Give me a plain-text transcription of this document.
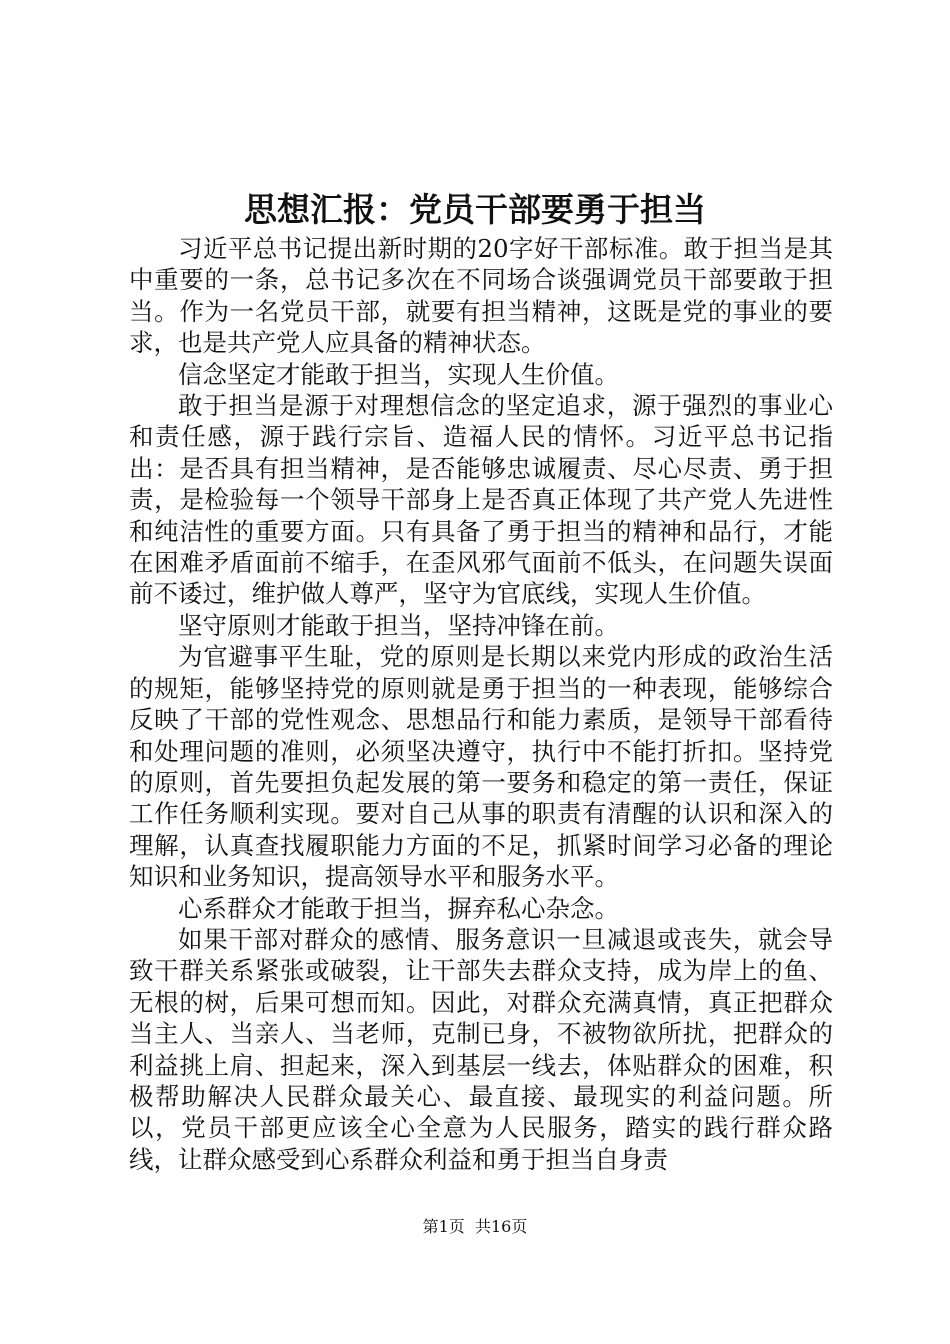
思想汇报：党员干部要勇于担当

习近平总书记提出新时期的20字好干部标准。敢于担当是其中重要的一条，总书记多次在不同场合谈强调党员干部要敢于担当。作为一名党员干部，就要有担当精神，这既是党的事业的要求，也是共产党人应具备的精神状态。

信念坚定才能敢于担当，实现人生价值。

敢于担当是源于对理想信念的坚定追求，源于强烈的事业心和责任感，源于践行宗旨、造福人民的情怀。习近平总书记指出：是否具有担当精神，是否能够忠诚履责、尽心尽责、勇于担责，是检验每一个领导干部身上是否真正体现了共产党人先进性和纯洁性的重要方面。只有具备了勇于担当的精神和品行，才能在困难矛盾面前不缩手，在歪风邪气面前不低头，在问题失误面前不诿过，维护做人尊严，坚守为官底线，实现人生价值。

坚守原则才能敢于担当，坚持冲锋在前。

为官避事平生耻，党的原则是长期以来党内形成的政治生活的规矩，能够坚持党的原则就是勇于担当的一种表现，能够综合反映了干部的党性观念、思想品行和能力素质，是领导干部看待和处理问题的准则，必须坚决遵守，执行中不能打折扣。坚持党的原则，首先要担负起发展的第一要务和稳定的第一责任，保证工作任务顺利实现。要对自己从事的职责有清醒的认识和深入的理解，认真查找履职能力方面的不足，抓紧时间学习必备的理论知识和业务知识，提高领导水平和服务水平。

心系群众才能敢于担当，摒弃私心杂念。

如果干部对群众的感情、服务意识一旦减退或丧失，就会导致干群关系紧张或破裂，让干部失去群众支持，成为岸上的鱼、无根的树，后果可想而知。因此，对群众充满真情，真正把群众当主人、当亲人、当老师，克制已身，不被物欲所扰，把群众的利益挑上肩、担起来，深入到基层一线去，体贴群众的困难，积极帮助解决人民群众最关心、最直接、最现实的利益问题。所以，党员干部更应该全心全意为人民服务，踏实的践行群众路线，让群众感受到心系群众利益和勇于担当自身责

第1页 共16页
